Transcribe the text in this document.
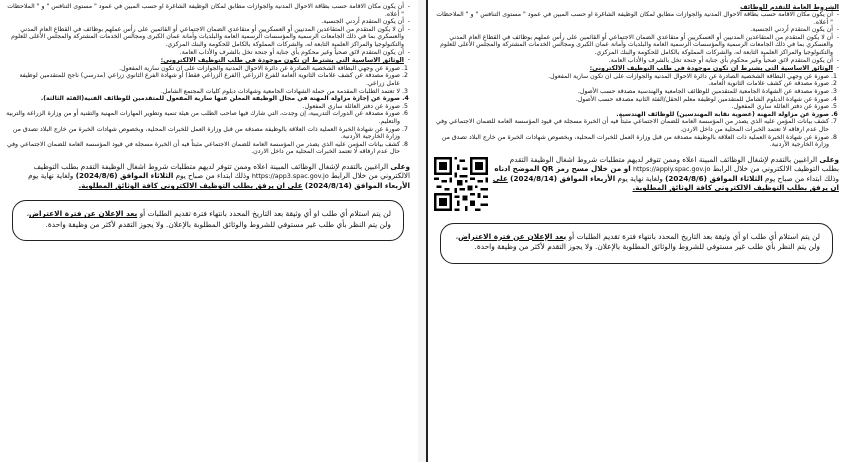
- أن يكون مكان الاقامة حسب بطاقة الاحوال المدنية والجوازات مطابق لمكان الوظيفة الشاغرة او حسب المبين في عمود " مستوى التنافس " و " الملاحظات " أعلاه.
- أن يكون المتقدم أردني الجنسية.
- أن لا يكون المتقدم من المتقاعدين المدنيين أو العسكريين أو متقاعدي الضمان الاجتماعي أو القائمين على رأس عملهم بوظائف في القطاع العام المدني والعسكري بما في ذلك الجامعات الرسمية والمؤسسات الرسمية العامة والبلديات وأمانة عمان الكبرى ومجالس الخدمات المشتركة والمجلس الأعلى للعلوم والتكنولوجيا والمراكز العلمية التابعة له، والشركات المملوكة بالكامل للحكومة والبنك المركزي.
- أن يكون المتقدم لائق صحياً وغير محكوم بأي جناية أو جنحة تخل بالشرف والأداب العامة.
- الوثائق الاساسية التي يشترط ان تكون موجودة في طلب التوظيف الالكتروني:
1. صورة عن وجهي البطاقة الشخصية الصادرة عن دائرة الاحوال المدنية والجوازات على ان تكون سارية المفعول.
2. صورة مصدقة عن كشف علامات الثانوية العامة للفرع الزراعي (الفرع الزراعي فقط) أو شهادة الفرع الثانوي زراعي (مدرسي) ناجح للمتقدمين لوظيفة عامل زراعي.
3. لا تعتمد الطلبات المقدمة من حملة الشهادات الجامعية وشهادات دبلوم كليات المجتمع الشامل.
4. صورة عن إجازة مزاولة المهنة في مجال الوظيفة المعلن عنها سارية المفعول للمتقدمين للوظائف الفنية(الفئة الثالثة).
5. صورة عن دفتر العائلة ساري المفعول.
6. صورة مصدقة عن الدورات التدريبية، إن وجدت، التي شارك فيها صاحب الطلب من هيئة تنمية وتطوير المهارات المهنية والتقنية أو من وزارة الزراعة والتربية والتعليم.
7. صورة عن شهادة الخبرة العملية ذات العلاقة بالوظيفة مصدقة من قبل وزارة العمل للخبرات المحلية، وبخصوص شهادات الخبرة من خارج البلاد تصدق من وزارة الخارجية الأردنية.
8. كشف بيانات المؤمن عليه الذي يصدر من المؤسسة العامة للضمان الاجتماعي مثبتاً فيه أن الخبرة مسجلة في قيود المؤسسة العامة للضمان الاجتماعي وفي حال عدم ارفاقه لا تعتمد الخبرات المحلية من داخل الاردن.

وعلى الراغبين بالتقدم لإشغال الوظائف المبينة اعلاه وممن تتوفر لديهم متطلبات شروط اشغال الوظيفة التقدم بطلب التوظيف الالكتروني من خلال الرابط https://app3.spac.gov.jo وذلك ابتداء من صباح يوم الثلاثاء الموافق (2024/8/6) ولغاية نهاية يوم الأربعاء الموافق (2024/8/14) على ان يرفق بطلب التوظيف الالكتروني كافة الوثائق المطلوبة.

لن يتم استلام أي طلب او أي وثيقة بعد التاريخ المحدد بانتهاء فترة تقديم الطلبات أو بعد الإعلان عن فترة الاعتراض، ولن يتم النظر بأي طلب غير مستوفي للشروط والوثائق المطلوبة بالإعلان. ولا يجوز التقدم لأكثر من وظيفة واحدة.
الشروط العامة للتقدم للوظائف
- أن يكون مكان الاقامة حسب بطاقة الاحوال المدنية والجوازات مطابق لمكان الوظيفة الشاغرة او حسب المبين في عمود " مستوى التنافس " و " الملاحظات " أعلاه.
- أن يكون المتقدم أردني الجنسية.
- أن لا يكون المتقدم من المتقاعدين المدنيين أو العسكريين أو متقاعدي الضمان الاجتماعي أو القائمين على رأس عملهم بوظائف في القطاع العام المدني والعسكري بما في ذلك الجامعات الرسمية والمؤسسات الرسمية العامة والبلديات وأمانة عمان الكبرى ومجالس الخدمات المشتركة والمجلس الأعلى للعلوم والتكنولوجيا والمراكز العلمية التابعة له، والشركات المملوكة بالكامل للحكومة والبنك المركزي.
- أن يكون المتقدم لائق صحياً وغير محكوم بأي جناية أو جنحة تخل بالشرف والأداب العامة.
- الوثائق الاساسية التي يشترط ان تكون موجودة في طلب التوظيف الالكتروني:
1. صورة عن وجهي البطاقة الشخصية الصادرة عن دائرة الاحوال المدنية والجوازات على ان تكون سارية المفعول.
2. صورة مصدقة عن كشف علامات الثانوية العامة.
3. صورة مصدقة عن الشهادة الجامعية للمتقدمين للوظائف الجامعية والهندسية مصدقة حسب الأصول.
4. صورة عن شهادة الدبلوم الشامل للمتقدمين لوظيفة معلم الحقل/الفئة الثانية مصدقة حسب الأصول.
5. صورة عن دفتر العائلة ساري المفعول.
6. صورة عن مزاولة المهنة (عضوية نقابة المهندسين) للوظائف الهندسية.
7. كشف بيانات المؤمن عليه الذي يصدر من المؤسسة العامة للضمان الاجتماعي مثبتاً فيه أن الخبرة مسجلة في قيود المؤسسة العامة للضمان الاجتماعي وفي حال عدم ارفاقه لا تعتمد الخبرات المحلية من داخل الاردن.
8. صورة عن شهادة الخبرة العملية ذات العلاقة بالوظيفة مصدقة من قبل وزارة العمل للخبرات المحلية، وبخصوص شهادات الخبرة من خارج البلاد تصدق من وزارة الخارجية الأردنية.
وعلى الراغبين بالتقدم لإشغال الوظائف المبينة اعلاه وممن تتوفر لديهم متطلبات شروط اشغال الوظيفة التقدم بطلب التوظيف الالكتروني من خلال الرابط https://apply.spac.gov.jo او من خلال مسح رمز QR الموضح ادناه وذلك ابتداء من صباح يوم الثلاثاء الموافق (2024/8/6) ولغاية نهاية يوم الأربعاء الموافق (2024/8/14) على ان يرفق بطلب التوظيف الالكتروني كافة الوثائق المطلوبة.
لن يتم استلام أي طلب او أي وثيقة بعد التاريخ المحدد بانتهاء فترة تقديم الطلبات أو بعد الإعلان عن فترة الاعتراض، ولن يتم النظر بأي طلب غير مستوفي للشروط والوثائق المطلوبة بالإعلان. ولا يجوز التقدم لأكثر من وظيفة واحدة.
